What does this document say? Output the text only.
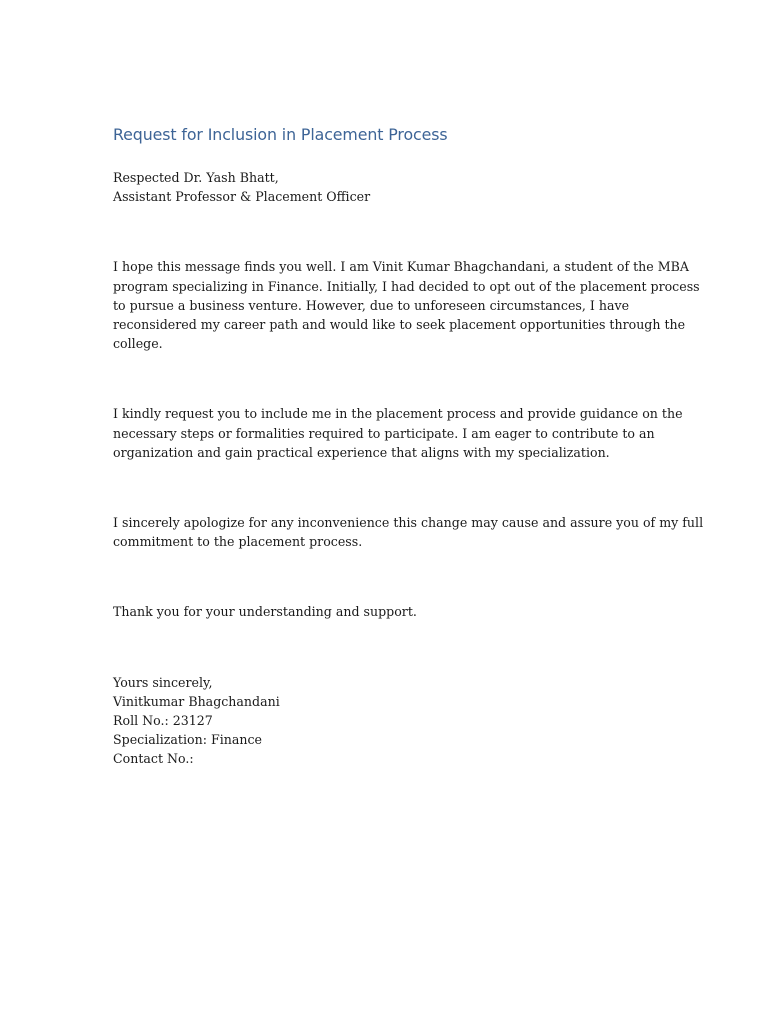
Request for Inclusion in Placement Process

Respected Dr. Yash Bhatt,
Assistant Professor & Placement Officer

I hope this message finds you well. I am Vinit Kumar Bhagchandani, a student of the MBA
program specializing in Finance. Initially, I had decided to opt out of the placement process
to pursue a business venture. However, due to unforeseen circumstances, I have
reconsidered my career path and would like to seek placement opportunities through the
college.

I kindly request you to include me in the placement process and provide guidance on the
necessary steps or formalities required to participate. I am eager to contribute to an
organization and gain practical experience that aligns with my specialization.

I sincerely apologize for any inconvenience this change may cause and assure you of my full
commitment to the placement process.

Thank you for your understanding and support.

Yours sincerely,
Vinitkumar Bhagchandani
Roll No.: 23127
Specialization: Finance
Contact No.:
